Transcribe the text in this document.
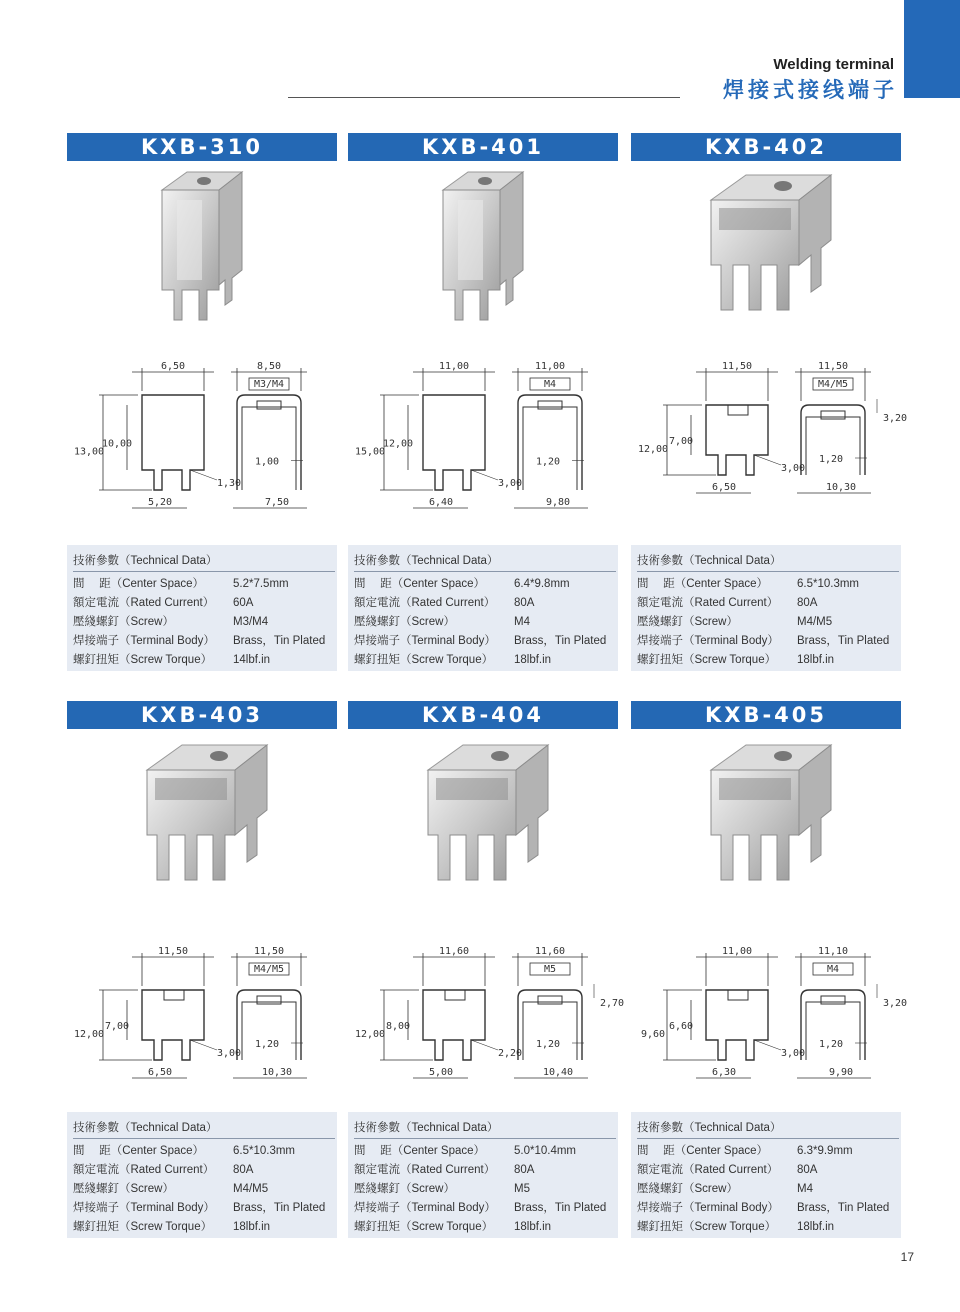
Welding terminal
焊接式接线端子
KXB-310
6,50
13,00
10,00
1,30
5,20
8,50
M3/M4
1,00
7,50
技術參數（Technical Data）
間　 距（Center Space）	5.2*7.5mm
額定電流（Rated Current） 60A
壓綫螺釘（Screw）	M3/M4
焊接端子（Terminal Body） Brass，Tin Plated
螺釘扭矩（Screw Torque） 14lbf.in
KXB-401
11,00
15,00
12,00
3,00
6,40
11,00
M4
1,20
9,80
技術參數（Technical Data）
間　 距（Center Space）	6.4*9.8mm
額定電流（Rated Current） 80A
壓綫螺釘（Screw）	M4
焊接端子（Terminal Body） Brass，Tin Plated
螺釘扭矩（Screw Torque） 18lbf.in
KXB-402
11,50
12,00
7,00
3,00
6,50
11,50
M4/M5
3,20
1,20
10,30
技術參數（Technical Data）
間　 距（Center Space）	6.5*10.3mm
額定電流（Rated Current） 80A
壓綫螺釘（Screw）	M4/M5
焊接端子（Terminal Body） Brass，Tin Plated
螺釘扭矩（Screw Torque） 18lbf.in
KXB-403
11,50
12,00
7,00
3,00
6,50
11,50
M4/M5
1,20
10,30
技術參數（Technical Data）
間　 距（Center Space）	6.5*10.3mm
額定電流（Rated Current） 80A
壓綫螺釘（Screw）	M4/M5
焊接端子（Terminal Body） Brass，Tin Plated
螺釘扭矩（Screw Torque） 18lbf.in
KXB-404
11,60
12,00
8,00
2,20
5,00
11,60
M5
2,70
1,20
10,40
技術參數（Technical Data）
間　 距（Center Space）	5.0*10.4mm
額定電流（Rated Current） 80A
壓綫螺釘（Screw）	M5
焊接端子（Terminal Body） Brass，Tin Plated
螺釘扭矩（Screw Torque） 18lbf.in
KXB-405
11,00
9,60
6,60
3,00
6,30
11,10
M4
3,20
1,20
9,90
技術參數（Technical Data）
間　 距（Center Space）	6.3*9.9mm
額定電流（Rated Current） 80A
壓綫螺釘（Screw）	M4
焊接端子（Terminal Body） Brass，Tin Plated
螺釘扭矩（Screw Torque） 18lbf.in
17
